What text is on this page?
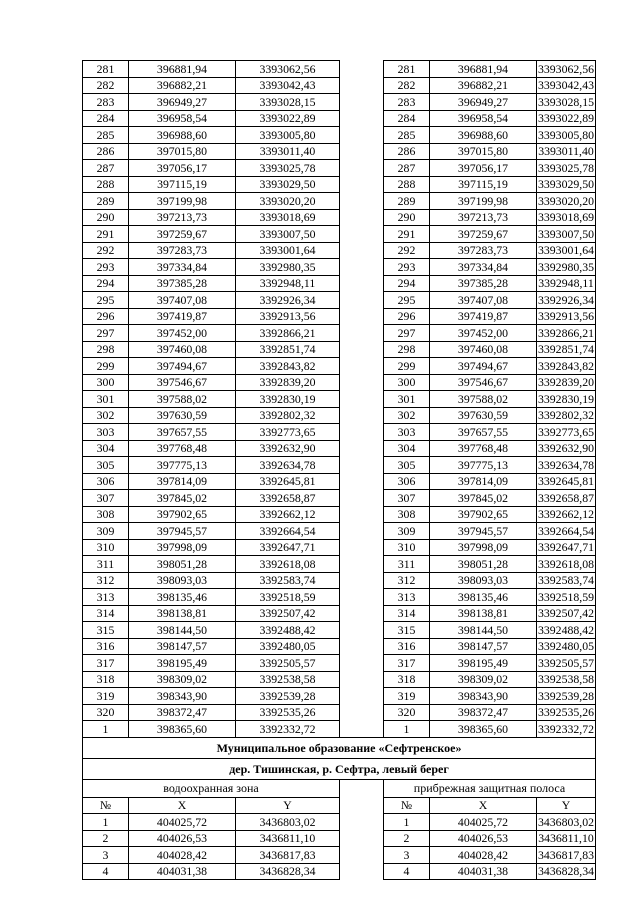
281	396881,94	3393062,56		281	396881,94	3393062,56
282	396882,21	3393042,43		282	396882,21	3393042,43
283	396949,27	3393028,15		283	396949,27	3393028,15
284	396958,54	3393022,89		284	396958,54	3393022,89
285	396988,60	3393005,80		285	396988,60	3393005,80
286	397015,80	3393011,40		286	397015,80	3393011,40
287	397056,17	3393025,78		287	397056,17	3393025,78
288	397115,19	3393029,50		288	397115,19	3393029,50
289	397199,98	3393020,20		289	397199,98	3393020,20
290	397213,73	3393018,69		290	397213,73	3393018,69
291	397259,67	3393007,50		291	397259,67	3393007,50
292	397283,73	3393001,64		292	397283,73	3393001,64
293	397334,84	3392980,35		293	397334,84	3392980,35
294	397385,28	3392948,11		294	397385,28	3392948,11
295	397407,08	3392926,34		295	397407,08	3392926,34
296	397419,87	3392913,56		296	397419,87	3392913,56
297	397452,00	3392866,21		297	397452,00	3392866,21
298	397460,08	3392851,74		298	397460,08	3392851,74
299	397494,67	3392843,82		299	397494,67	3392843,82
300	397546,67	3392839,20		300	397546,67	3392839,20
301	397588,02	3392830,19		301	397588,02	3392830,19
302	397630,59	3392802,32		302	397630,59	3392802,32
303	397657,55	3392773,65		303	397657,55	3392773,65
304	397768,48	3392632,90		304	397768,48	3392632,90
305	397775,13	3392634,78		305	397775,13	3392634,78
306	397814,09	3392645,81		306	397814,09	3392645,81
307	397845,02	3392658,87		307	397845,02	3392658,87
308	397902,65	3392662,12		308	397902,65	3392662,12
309	397945,57	3392664,54		309	397945,57	3392664,54
310	397998,09	3392647,71		310	397998,09	3392647,71
311	398051,28	3392618,08		311	398051,28	3392618,08
312	398093,03	3392583,74		312	398093,03	3392583,74
313	398135,46	3392518,59		313	398135,46	3392518,59
314	398138,81	3392507,42		314	398138,81	3392507,42
315	398144,50	3392488,42		315	398144,50	3392488,42
316	398147,57	3392480,05		316	398147,57	3392480,05
317	398195,49	3392505,57		317	398195,49	3392505,57
318	398309,02	3392538,58		318	398309,02	3392538,58
319	398343,90	3392539,28		319	398343,90	3392539,28
320	398372,47	3392535,26		320	398372,47	3392535,26
1	398365,60	3392332,72		1	398365,60	3392332,72
Муниципальное образование «Сефтренское»						
дер. Тишинская, р. Сефтра, левый берег						
водоохранная зона				прибрежная защитная полоса		
№	X	Y		№	X	Y
1	404025,72	3436803,02		1	404025,72	3436803,02
2	404026,53	3436811,10		2	404026,53	3436811,10
3	404028,42	3436817,83		3	404028,42	3436817,83
4	404031,38	3436828,34		4	404031,38	3436828,34
